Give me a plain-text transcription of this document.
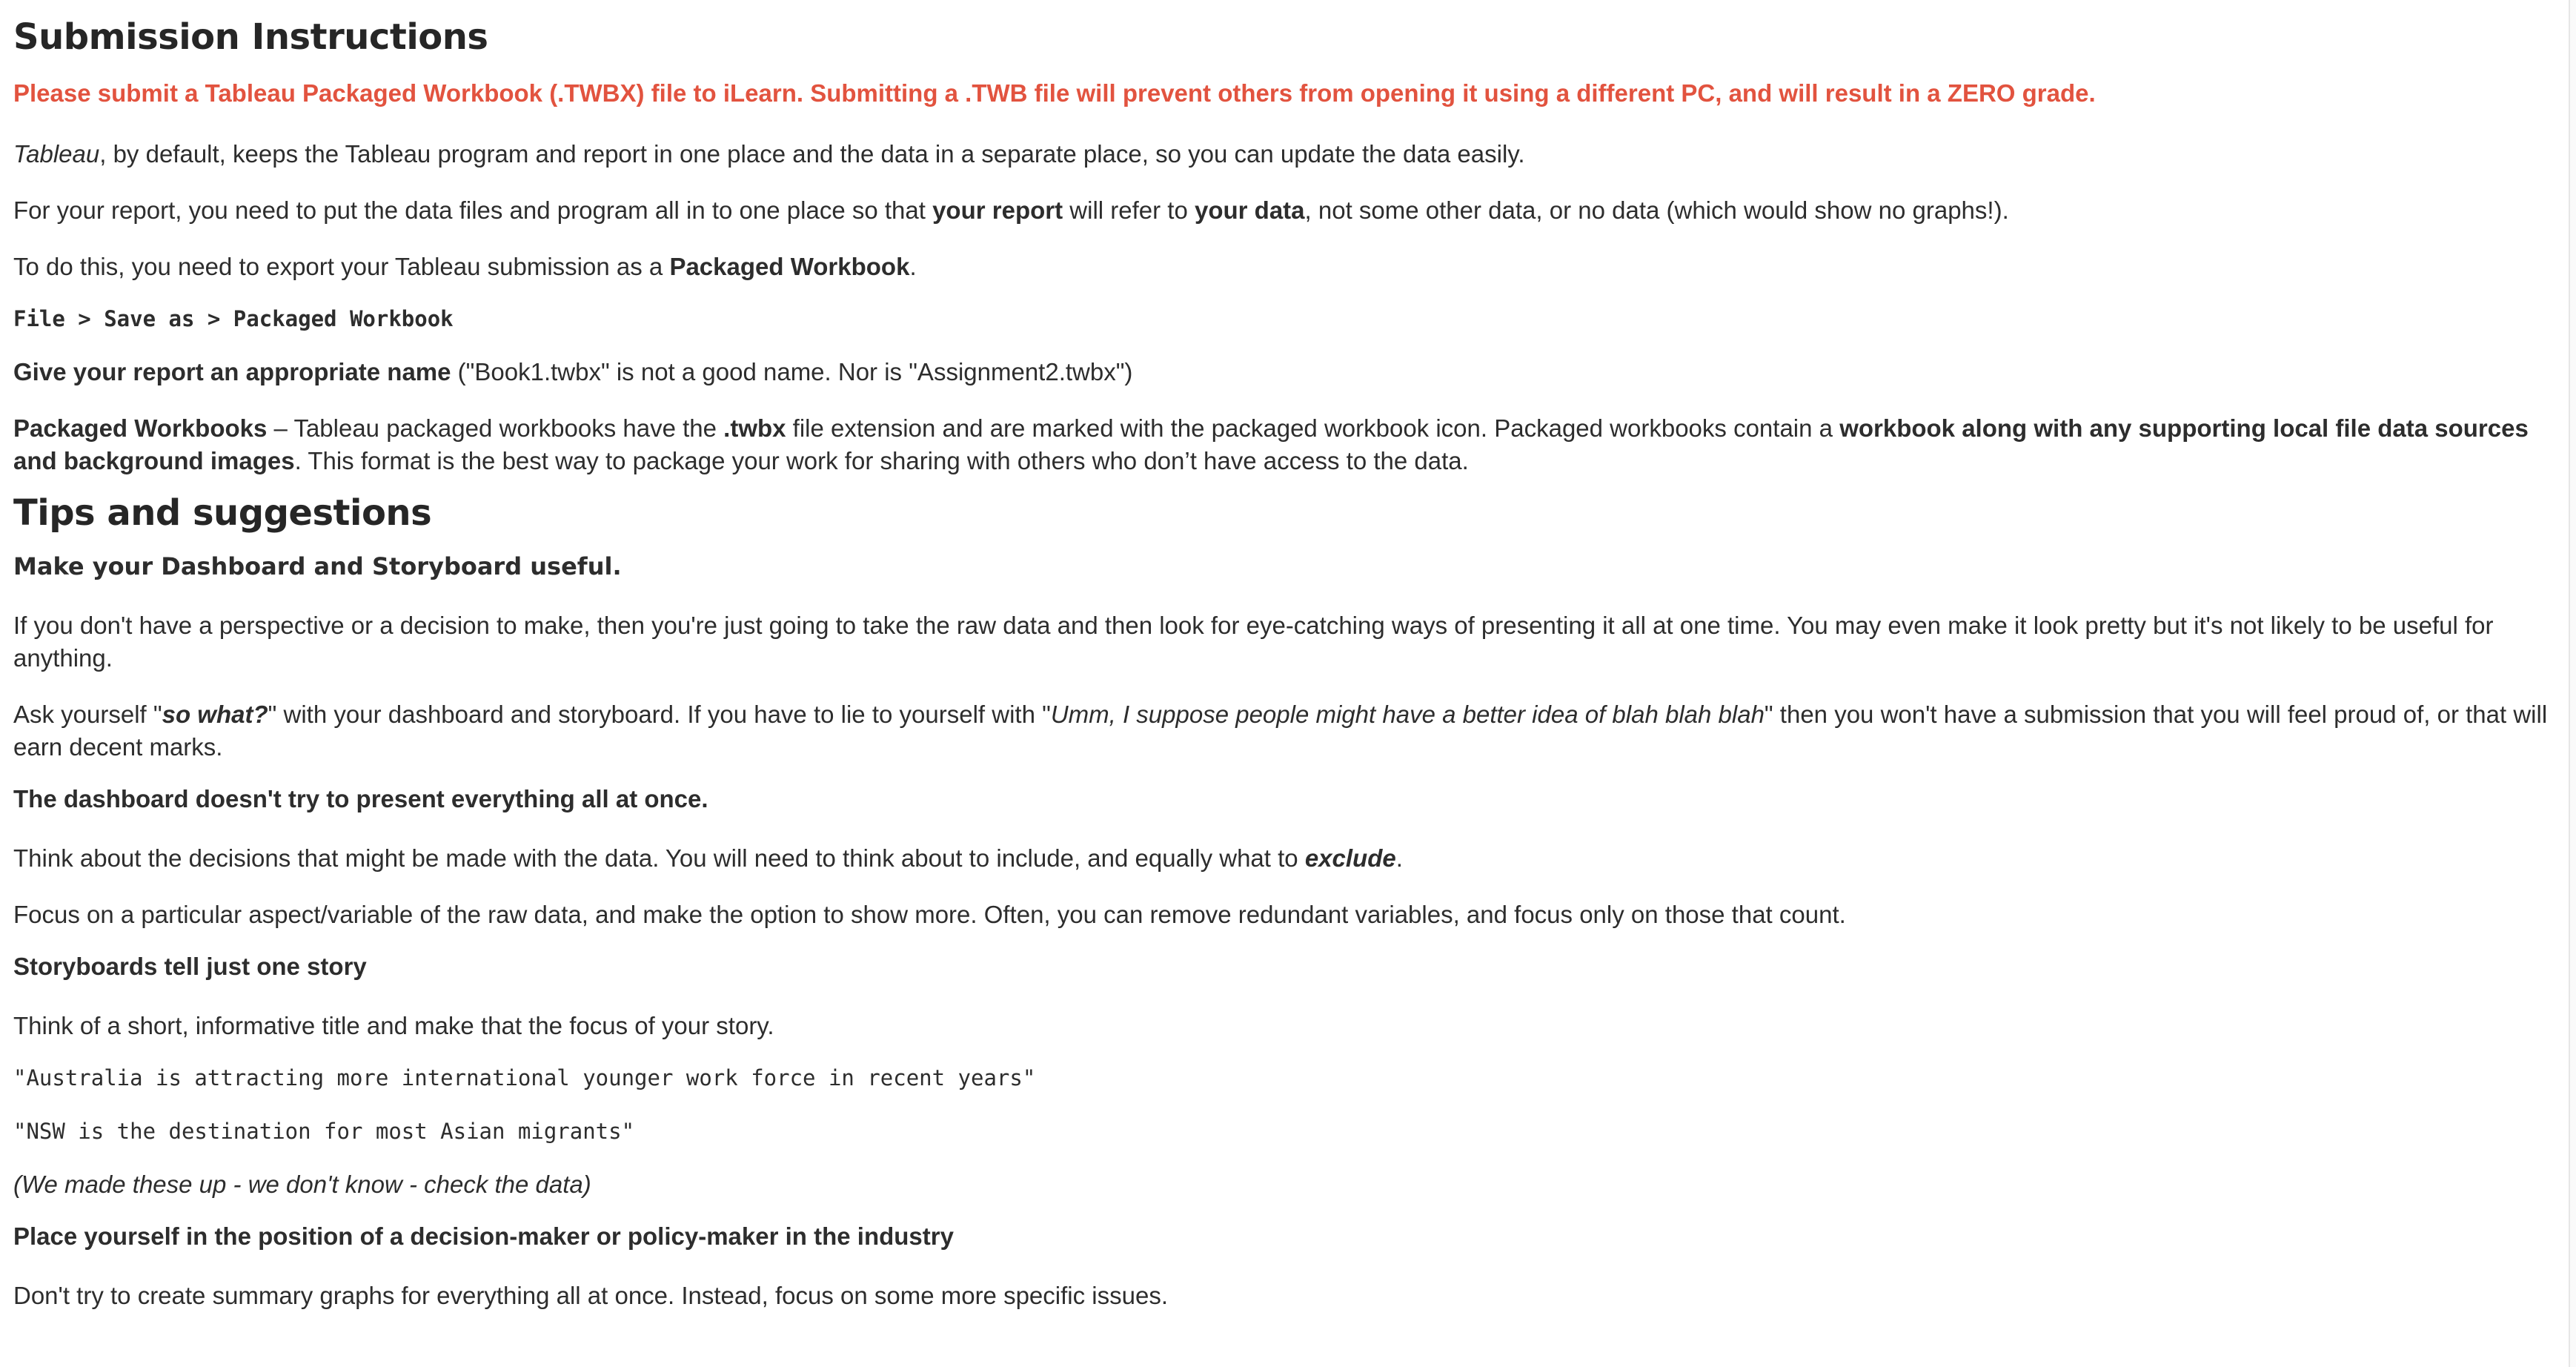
Submission Instructions
Please submit a Tableau Packaged Workbook (.TWBX) file to iLearn. Submitting a .TWB file will prevent others from opening it using a different PC, and will result in a ZERO grade.
Tableau, by default, keeps the Tableau program and report in one place and the data in a separate place, so you can update the data easily.
For your report, you need to put the data files and program all in to one place so that your report will refer to your data, not some other data, or no data (which would show no graphs!).
To do this, you need to export your Tableau submission as a Packaged Workbook.
File > Save as > Packaged Workbook
Give your report an appropriate name ("Book1.twbx" is not a good name. Nor is "Assignment2.twbx")
Packaged Workbooks – Tableau packaged workbooks have the .twbx file extension and are marked with the packaged workbook icon. Packaged workbooks contain a workbook along with any supporting local file data sources and background images. This format is the best way to package your work for sharing with others who don’t have access to the data.
Tips and suggestions
Make your Dashboard and Storyboard useful.
If you don't have a perspective or a decision to make, then you're just going to take the raw data and then look for eye-catching ways of presenting it all at one time. You may even make it look pretty but it's not likely to be useful for anything.
Ask yourself "so what?" with your dashboard and storyboard. If you have to lie to yourself with "Umm, I suppose people might have a better idea of blah blah blah" then you won't have a submission that you will feel proud of, or that will earn decent marks.
The dashboard doesn't try to present everything all at once.
Think about the decisions that might be made with the data. You will need to think about to include, and equally what to exclude.
Focus on a particular aspect/variable of the raw data, and make the option to show more. Often, you can remove redundant variables, and focus only on those that count.
Storyboards tell just one story
Think of a short, informative title and make that the focus of your story.
"Australia is attracting more international younger work force in recent years"
"NSW is the destination for most Asian migrants"
(We made these up - we don't know - check the data)
Place yourself in the position of a decision-maker or policy-maker in the industry
Don't try to create summary graphs for everything all at once. Instead, focus on some more specific issues.
